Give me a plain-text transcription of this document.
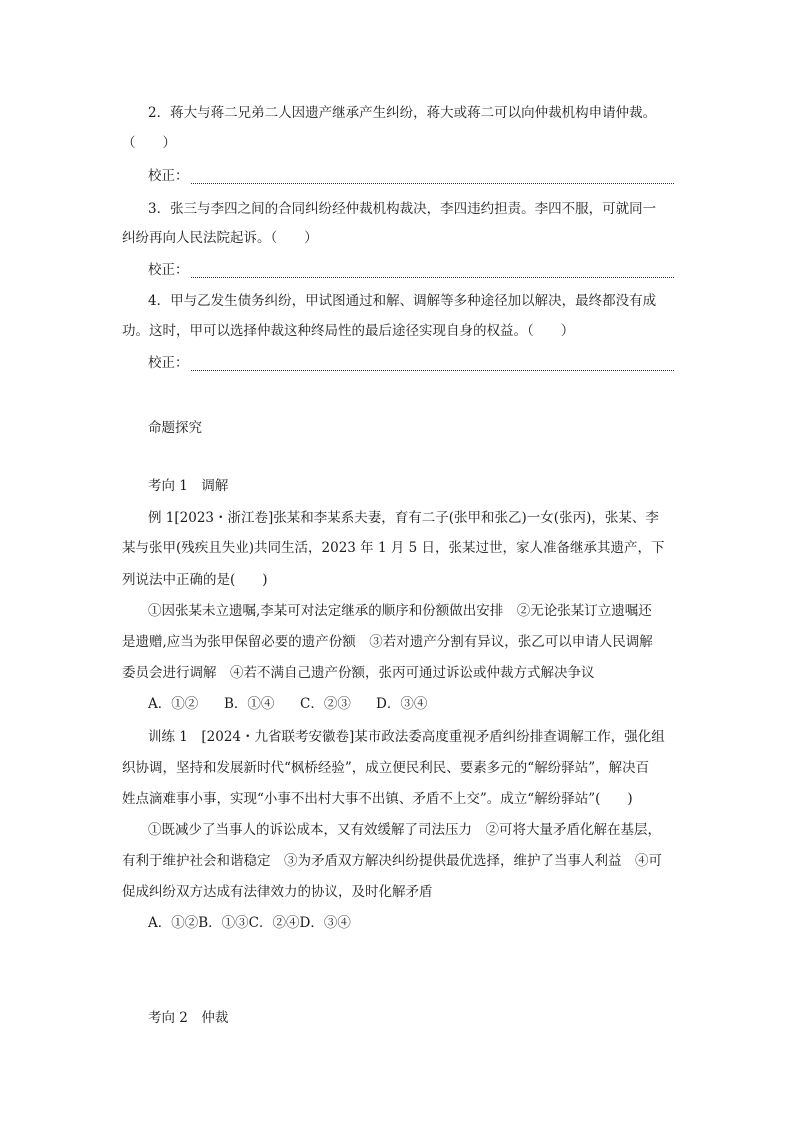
2．蒋大与蒋二兄弟二人因遗产继承产生纠纷，蒋大或蒋二可以向仲裁机构申请仲裁。
（　　）
校正：
3．张三与李四之间的合同纠纷经仲裁机构裁决，李四违约担责。李四不服，可就同一
纠纷再向人民法院起诉。（　　）
校正：
4．甲与乙发生债务纠纷，甲试图通过和解、调解等多种途径加以解决，最终都没有成
功。这时，甲可以选择仲裁这种终局性的最后途径实现自身的权益。（　　）
校正：
命题探究
考向 1　调解
例 1[2023・浙江卷]张某和李某系夫妻，育有二子(张甲和张乙)一女(张丙)，张某、李
某与张甲(残疾且失业)共同生活，2023 年 1 月 5 日，张某过世，家人准备继承其遗产，下
列说法中正确的是(　　)
①因张某未立遗嘱,李某可对法定继承的顺序和份额做出安排　②无论张某订立遗嘱还
是遗赠,应当为张甲保留必要的遗产份额　③若对遗产分割有异议，张乙可以申请人民调解
委员会进行调解　④若不满自己遗产份额，张丙可通过诉讼或仲裁方式解决争议
A．①② B．①④ C．②③ D．③④
训练 1　[2024・九省联考安徽卷]某市政法委高度重视矛盾纠纷排查调解工作，强化组
织协调，坚持和发展新时代“枫桥经验”，成立便民利民、要素多元的“解纷驿站”，解决百
姓点滴难事小事，实现“小事不出村大事不出镇、矛盾不上交”。成立“解纷驿站”(　　)
①既减少了当事人的诉讼成本，又有效缓解了司法压力　②可将大量矛盾化解在基层，
有利于维护社会和谐稳定　③为矛盾双方解决纠纷提供最优选择，维护了当事人利益　④可
促成纠纷双方达成有法律效力的协议，及时化解矛盾
A．①②B．①③C．②④D．③④
考向 2　仲裁
